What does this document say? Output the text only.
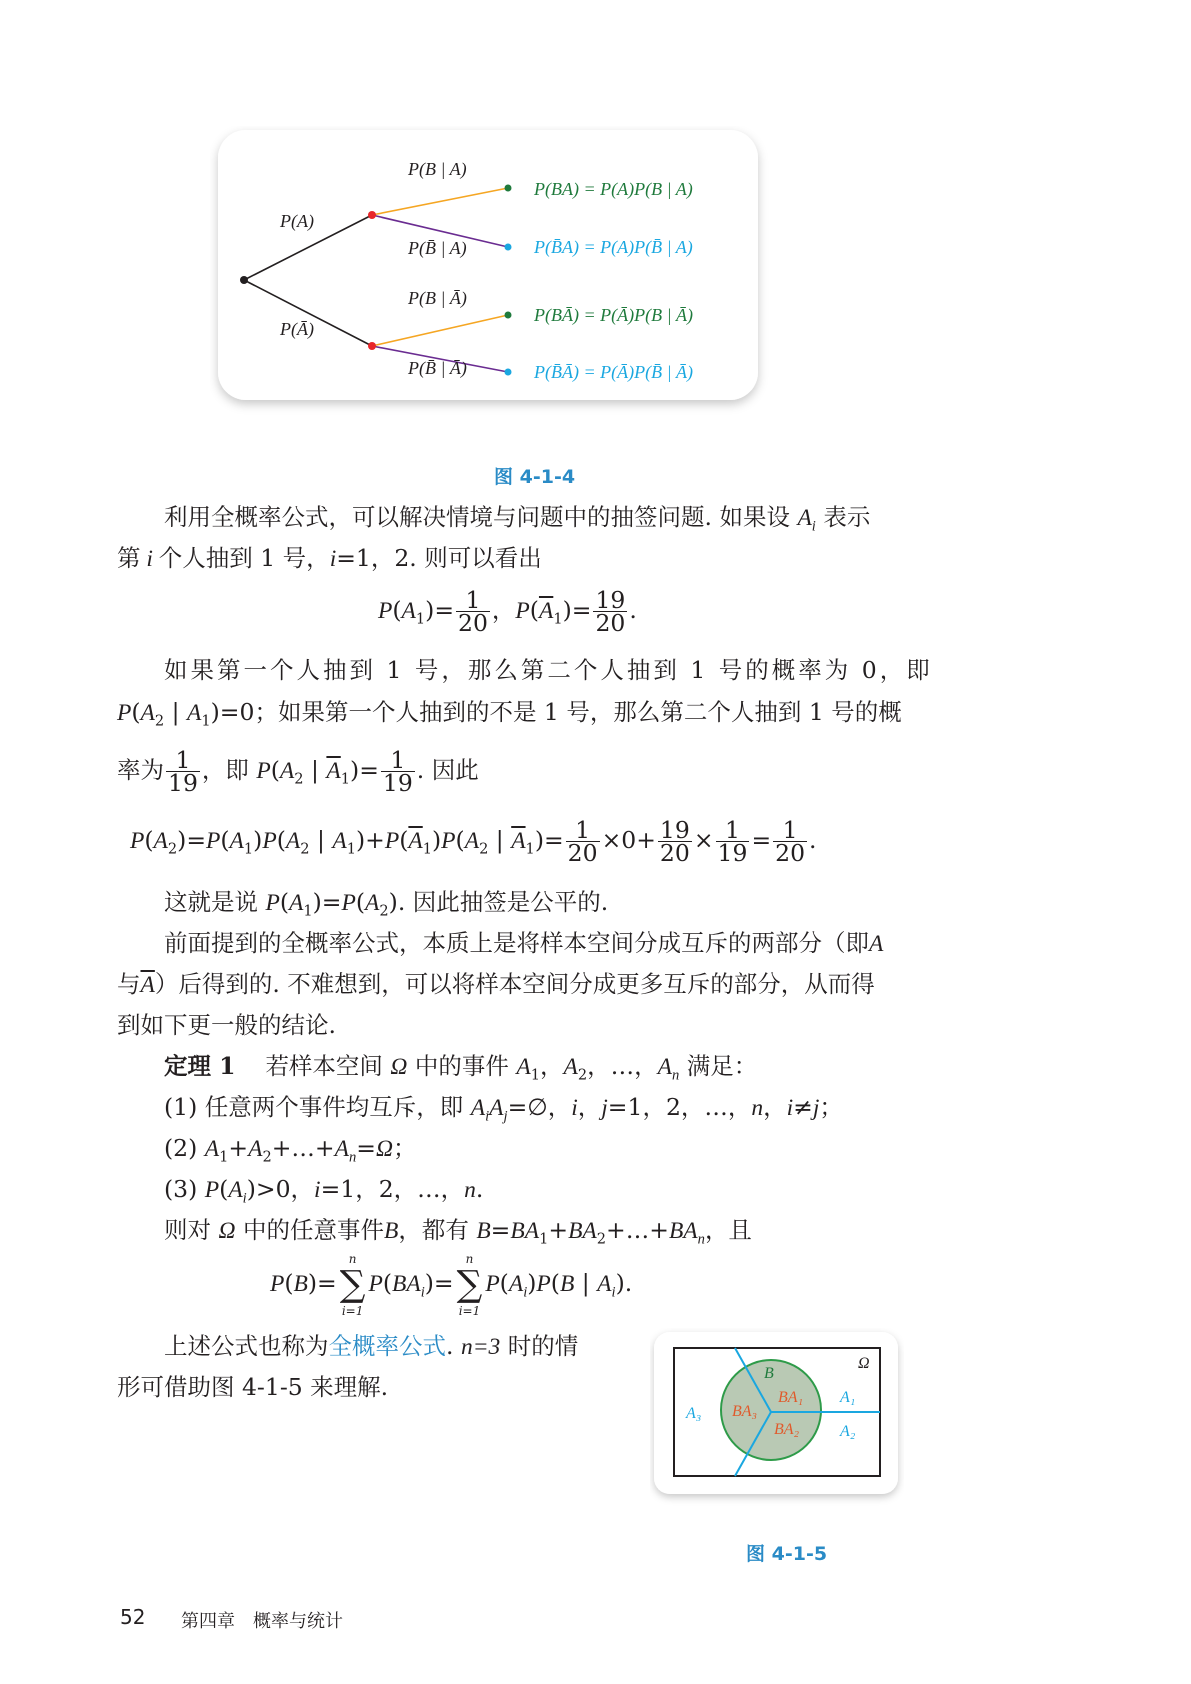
P(A)
P(Ā)
P(B | A)
P(B̄ | A)
P(B | Ā)
P(B̄ | Ā)
P(BA) = P(A)P(B | A)
P(B̄A) = P(A)P(B̄ | A)
P(BĀ) = P(Ā)P(B | Ā)
P(B̄Ā) = P(Ā)P(B̄ | Ā)
图 4-1-4
利用全概率公式，可以解决情境与问题中的抽签问题. 如果设 $A_i$ 表示
第 i 个人抽到 1 号，i=1，2. 则可以看出
$P(A_1)= \frac{1}{20}$ ，$P(\overline{A}_1)= \frac{19}{20}$ .
如果第一个人抽到 1 号，那么第二个人抽到 1 号的概率为 0，即
$P(A_2$ | $A_1)=0$；如果第一个人抽到的不是 1 号，那么第二个人抽到 1 号的概
率为 $\frac{1}{19}$ ，即 $P(A_2$ | $\overline{A}_1)= \frac{1}{19}$ . 因此
$P(A_2)=P(A_1)P(A_2$ | $A_1)+P(\overline{A}_1)P(A_2$ | $\overline{A}_1)= \frac{1}{20} \times 0+ \frac{19}{20} \times \frac{1}{19} = \frac{1}{20}$ .
这就是说 $P(A_1)=P(A_2)$. 因此抽签是公平的.
前面提到的全概率公式，本质上是将样本空间分成互斥的两部分（即A
与$\overline{A}$）后得到的. 不难想到，可以将样本空间分成更多互斥的部分，从而得
到如下更一般的结论.
定理 1 若样本空间 Ω 中的事件 $A_1$，$A_2$，…，$A_n$ 满足：
(1) 任意两个事件均互斥，即 $A_iA_j=\emptyset$，i，j=1，2，…，n，i≠j；
(2) $A_1+A_2+\dots+A_n=\Omega$；
(3) $P(A_i)>0$，i=1，2，…，n.
则对 Ω 中的任意事件B，都有 $B=BA_1+BA_2+\dots+BA_n$，且
P(B)=
n
∑
i=1
$P(BA_i)=$
n
∑
i=1
$P(A_i)P(B$ | $A_i$).
上述公式也称为全概率公式. n=3 时的情
形可借助图 4-1-5 来理解.
Ω
B
A₁
A₂
A₃
BA₁
BA₂
BA₃
图 4-1-5
52 第四章　概率与统计
